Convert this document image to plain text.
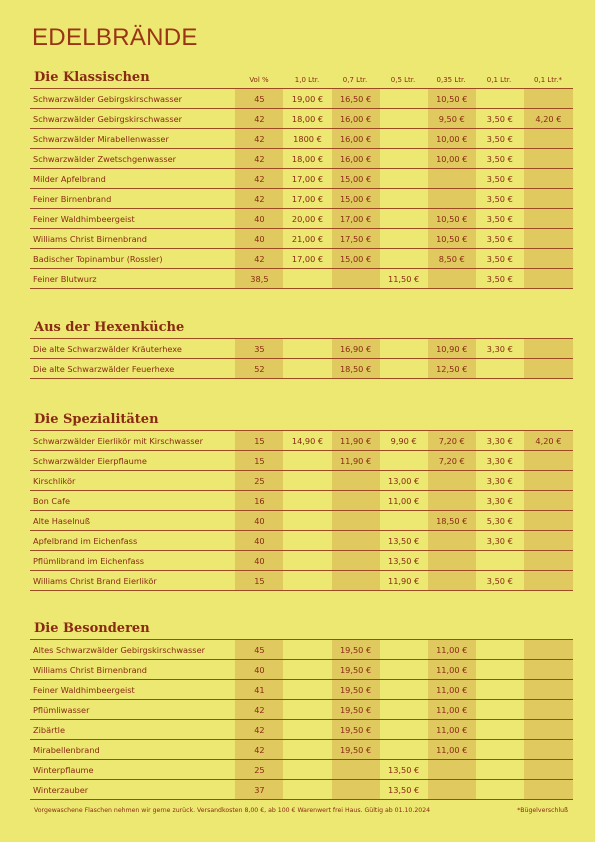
EDELBRÄNDE
Die Klassischen	Vol %	1,0 Ltr.	0,7 Ltr.	0,5 Ltr.	0,35 Ltr.	0,1 Ltr.	0,1 Ltr.*
Schwarzwälder Gebirgskirschwasser	45	19,00 €	16,50 €		10,50 €		
Schwarzwälder Gebirgskirschwasser	42	18,00 €	16,00 €		9,50 €	3,50 €	4,20 €
Schwarzwälder Mirabellenwasser	42	1800 €	16,00 €		10,00 €	3,50 €	
Schwarzwälder Zwetschgenwasser	42	18,00 €	16,00 €		10,00 €	3,50 €	
Milder Apfelbrand	42	17,00 €	15,00 €			3,50 €	
Feiner Birnenbrand	42	17,00 €	15,00 €			3,50 €	
Feiner Waldhimbeergeist	40	20,00 €	17,00 €		10,50 €	3,50 €	
Williams Christ Birnenbrand	40	21,00 €	17,50 €		10,50 €	3,50 €	
Badischer Topinambur (Rossler)	42	17,00 €	15,00 €		8,50 €	3,50 €	
Feiner Blutwurz	38,5			11,50 €		3,50 €	
Aus der Hexenküche
Die alte Schwarzwälder Kräuterhexe	35		16,90 €		10,90 €	3,30 €	
Die alte Schwarzwälder Feuerhexe	52		18,50 €		12,50 €		
Die Spezialitäten
Schwarzwälder Eierlikör mit Kirschwasser	15	14,90 €	11,90 €	9,90 €	7,20 €	3,30 €	4,20 €
Schwarzwälder Eierpflaume	15		11,90 €		7,20 €	3,30 €	
Kirschlikör	25			13,00 €		3,30 €	
Bon Cafe	16			11,00 €		3,30 €	
Alte Haselnuß	40				18,50 €	5,30 €	
Apfelbrand im Eichenfass	40			13,50 €		3,30 €	
Pflümlibrand im Eichenfass	40			13,50 €			
Williams Christ Brand Eierlikör	15			11,90 €		3,50 €	
Die Besonderen
Altes Schwarzwälder Gebirgskirschwasser	45		19,50 €		11,00 €		
Williams Christ Birnenbrand	40		19,50 €		11,00 €		
Feiner Waldhimbeergeist	41		19,50 €		11,00 €		
Pflümliwasser	42		19,50 €		11,00 €		
Zibärtle	42		19,50 €		11,00 €		
Mirabellenbrand	42		19,50 €		11,00 €		
Winterpflaume	25			13,50 €			
Winterzauber	37			13,50 €			
Vorgewaschene Flaschen nehmen wir gerne zurück. Versandkosten 8,00 €, ab 100 € Warenwert frei Haus. Gültig ab 01.10.2024	*Bügelverschluß
